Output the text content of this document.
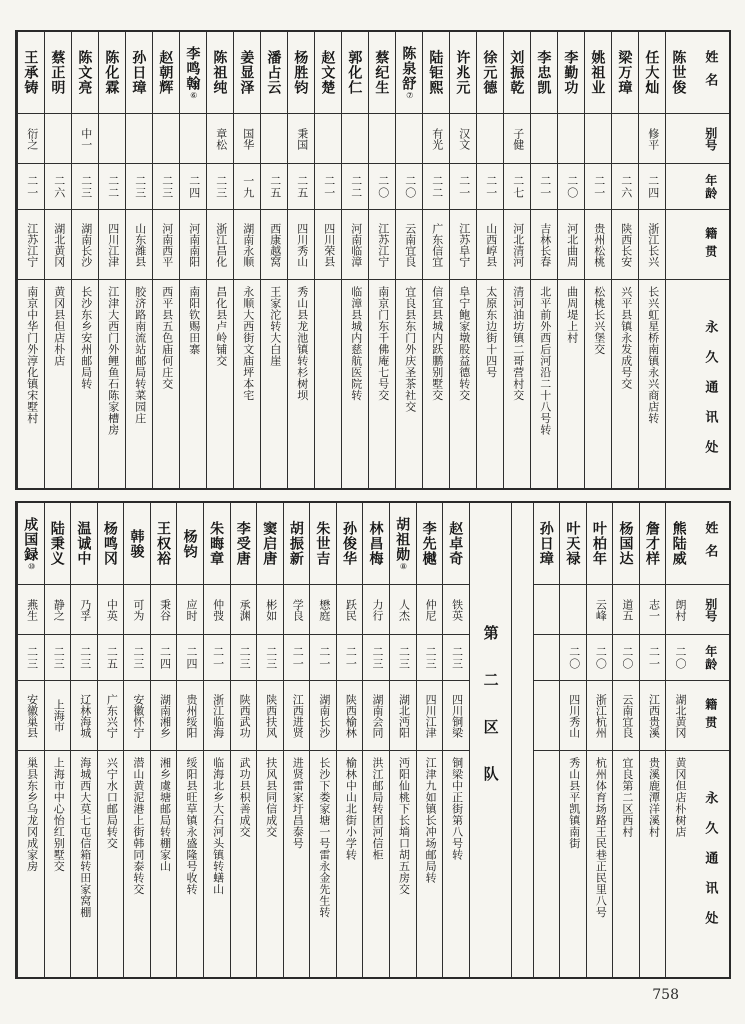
姓名
别号
年龄
籍贯
永久通讯处
陈世俊
任大灿
修平
二四
浙江长兴
长兴虹星桥南镇永兴商店转
梁万璋
二六
陕西长安
兴平县镇永发成号交
姚祖业
二一
贵州松桃
松桃长兴堡交
李勤功
二〇
河北曲周
曲周堤上村
李忠凯
二一
吉林长春
北平前外西后河沿二十八号转
刘振乾
子健
二七
河北清河
清河油坊镇二哥营村交
徐元德
二一
山西崞县
太原东边街十四号
许兆元
汉文
二一
江苏阜宁
阜宁鲍家墩股益德转交
陆钜熙
有光
二二
广东信宜
信宜县城内跃鹏别墅交
陈泉舒
⑦
二〇
云南宜良
宜良县东门外庆圣茶社交
蔡纪生
二〇
江苏江宁
南京门东千佛庵七号交
郭化仁
二二
河南临漳
临漳县城内慈航医院转
赵文楚
二一
四川荣县
杨胜钧
秉国
二五
四川秀山
秀山县龙池镇转杉树坝
潘占云
二五
西康越窝
王家沱转大白崖
姜显泽
国华
一九
湖南永顺
永顺大西街文庙坪本宅
陈祖纯
章松
二三
浙江昌化
昌化县卢岭铺交
李鸣翰
⑥
二四
河南南阳
南阳钦赐田寨
赵朝辉
二三
河南西平
西平县五色庙何庄交
孙日璋
二三
山东潍县
胶济路南流站邮局转菜园庄
陈化霖
二二
四川江津
江津大西门外鲤鱼石陈家槽房
陈文亮
中一
二三
湖南长沙
长沙东乡安州邮局转
蔡正明
二六
湖北黄冈
黄冈县但店朴店
王承铸
衍之
二一
江苏江宁
南京中华门外淳化镇宋墅村
姓名
别号
年龄
籍贯
永久通讯处
熊陆威
朗村
二〇
湖北黄冈
黄冈但店朴树店
詹才样
志一
二一
江西贵溪
贵溪鹿潭洋溪村
杨国达
道五
二〇
云南宜良
宜良第二区西村
叶柏年
云峰
二〇
浙江杭州
杭州体育场路王民巷正民里八号
叶天禄
二〇
四川秀山
秀山县平凯镇南街
孙日璋
第二区队
赵卓奇
铁英
二三
四川铜梁
铜梁中正街第八号转
李先樾
仲尼
二三
四川江津
江津九如镇长冲场邮局转
胡祖勋
⑧
人杰
二三
湖北沔阳
沔阳仙桃下长埫口胡五房交
林昌梅
力行
二三
湖南会同
洪江邮局转团河信柜
孙俊华
跃民
二一
陕西榆林
榆林中山北街小学转
朱世吉
懋庭
二一
湖南长沙
长沙下娄家塘一号雷永金先生转
胡振新
学良
二一
江西进贤
进贤雷家圩昌泰号
窦启唐
彬如
二三
陕西扶风
扶风县同信成交
李受唐
承渊
二三
陕西武功
武功县枳善成交
朱晦章
仲弢
二一
浙江临海
临海北乡大石河头镇转蟮山
杨钧
应时
二四
贵州绥阳
绥阳县旺草镇永盛隆号收转
王权裕
秉谷
二四
湖南湘乡
湘乡虞塘邮局转棚家山
韩骏
可为
二三
安徽怀宁
潜山黄泥港上街韩同泰转交
杨鸣冈
中英
二五
广东兴宁
兴宁水口邮局转交
温诚中
乃孚
二三
辽林海城
海城西大莫七屯信箱转田家窝棚
陆秉义
静之
二三
上海市
上海市中心怡红别墅交
成国録
⑩
燕生
二三
安徽巢县
巢县东乡乌龙冈成家房
758
